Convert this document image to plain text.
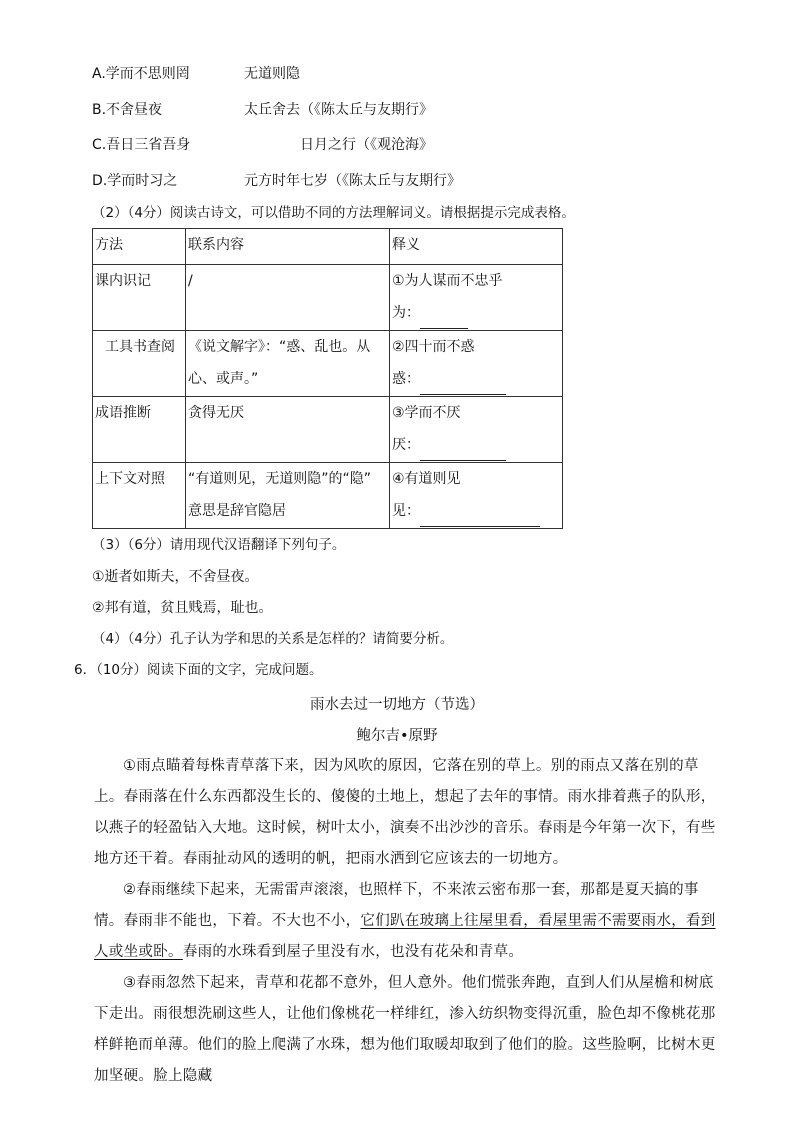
A.学而不思则罔	无道则隐
B.不舍昼夜	太丘舍去（《陈太丘与友期行》
C.吾日三省吾身	日月之行（《观沧海》
D.学而时习之	元方时年七岁（《陈太丘与友期行》
（2）（4分）阅读古诗文，可以借助不同的方法理解词义。请根据提示完成表格。
方法	联系内容	释义

课内识记	/	①为人谋而不忠乎
为：

工具书查阅	《说文解字》：“惑、乱也。从
心、或声。”	②四十而不惑
惑：

成语推断	贪得无厌	③学而不厌
厌：

上下文对照	“有道则见，无道则隐”的“隐”
意思是辞官隐居	④有道则见
见：
（3）（6分）请用现代汉语翻译下列句子。
①逝者如斯夫，不舍昼夜。
②邦有道，贫且贱焉，耻也。
（4）（4分）孔子认为学和思的关系是怎样的？请简要分析。
6．（10分）阅读下面的文字，完成问题。
雨水去过一切地方（节选）
鲍尔吉•原野

①雨点瞄着每株青草落下来，因为风吹的原因，它落在别的草上。别的雨点又落在别的草上。春雨落在什么东西都没生长的、傻傻的土地上，想起了去年的事情。雨水排着燕子的队形，以燕子的轻盈钻入大地。这时候，树叶太小，演奏不出沙沙的音乐。春雨是今年第一次下，有些地方还干着。春雨扯动风的透明的帆，把雨水洒到它应该去的一切地方。

②春雨继续下起来，无需雷声滚滚，也照样下，不来浓云密布那一套，那都是夏天搞的事情。春雨非不能也，下着。不大也不小，它们趴在玻璃上往屋里看，看屋里需不需要雨水，看到人或坐或卧。春雨的水珠看到屋子里没有水，也没有花朵和青草。

③春雨忽然下起来，青草和花都不意外，但人意外。他们慌张奔跑，直到人们从屋檐和树底下走出。雨很想洗刷这些人，让他们像桃花一样绯红，渗入纺织物变得沉重，脸色却不像桃花那样鲜艳而单薄。他们的脸上爬满了水珠，想为他们取暖却取到了他们的脸。这些脸啊，比树木更加坚硬。脸上隐藏
